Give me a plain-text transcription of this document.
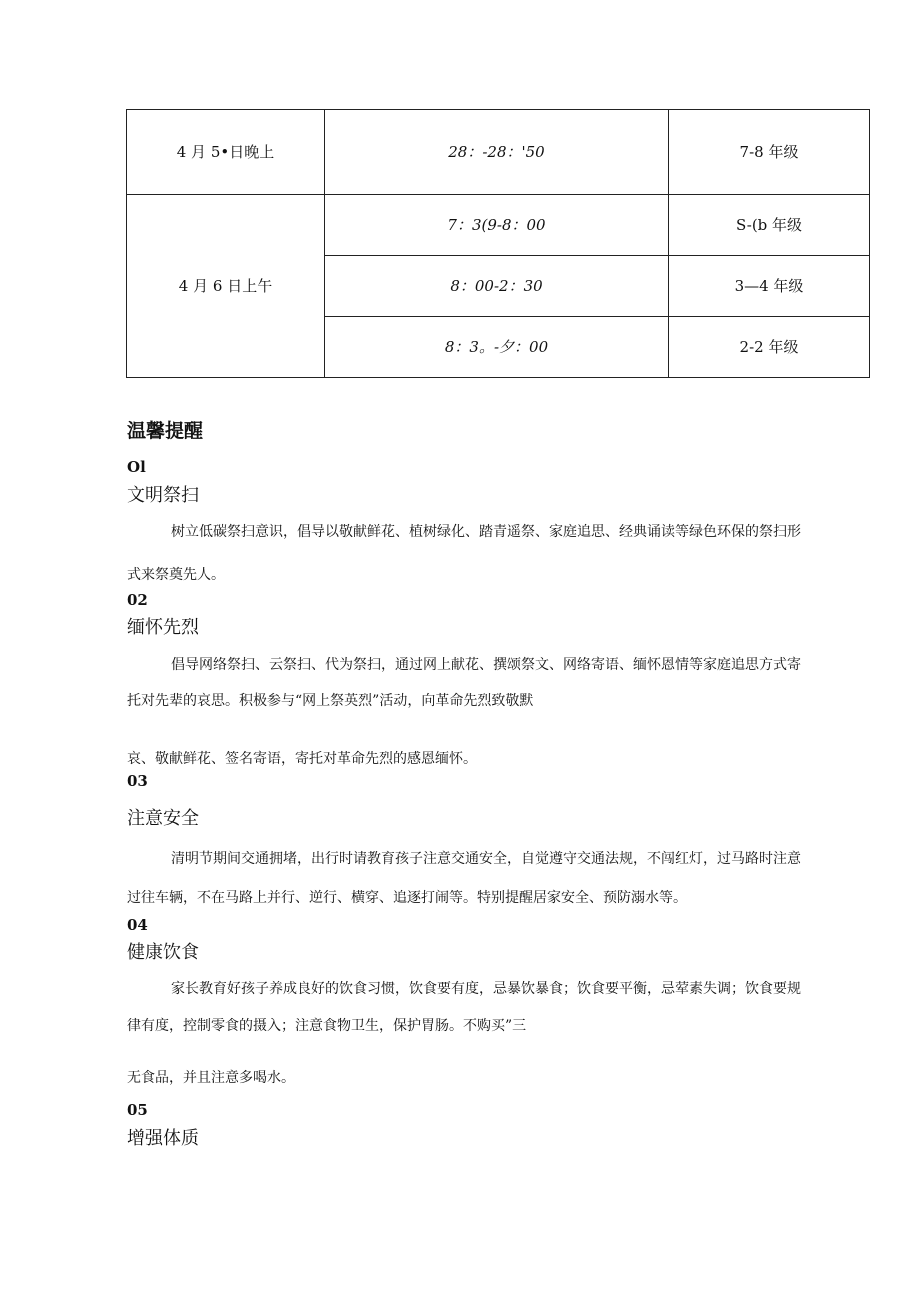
4 月 5•日晚上	28：-28：'50	7-8 年级
4 月 6 日上午	7：3(9-8：00	S-(b 年级
	8：00-2：30	3—4 年级
	8：3。-夕：00	2-2 年级
温馨提醒
Ol
文明祭扫
树立低碳祭扫意识，倡导以敬献鲜花、植树绿化、踏青遥祭、家庭追思、经典诵读等绿色环保的祭扫形
式来祭奠先人。
02
缅怀先烈
倡导网络祭扫、云祭扫、代为祭扫，通过网上献花、撰颂祭文、网络寄语、缅怀恩情等家庭追思方式寄
托对先辈的哀思。积极参与“网上祭英烈”活动，向革命先烈致敬默
哀、敬献鲜花、签名寄语，寄托对革命先烈的感恩缅怀。
03
注意安全
清明节期间交通拥堵，出行时请教育孩子注意交通安全，自觉遵守交通法规，不闯红灯，过马路时注意
过往车辆，不在马路上并行、逆行、横穿、追逐打闹等。特别提醒居家安全、预防溺水等。
04
健康饮食
家长教育好孩子养成良好的饮食习惯，饮食要有度，忌暴饮暴食；饮食要平衡，忌荤素失调；饮食要规
律有度，控制零食的摄入；注意食物卫生，保护胃肠。不购买”三
无食品，并且注意多喝水。
05
增强体质
